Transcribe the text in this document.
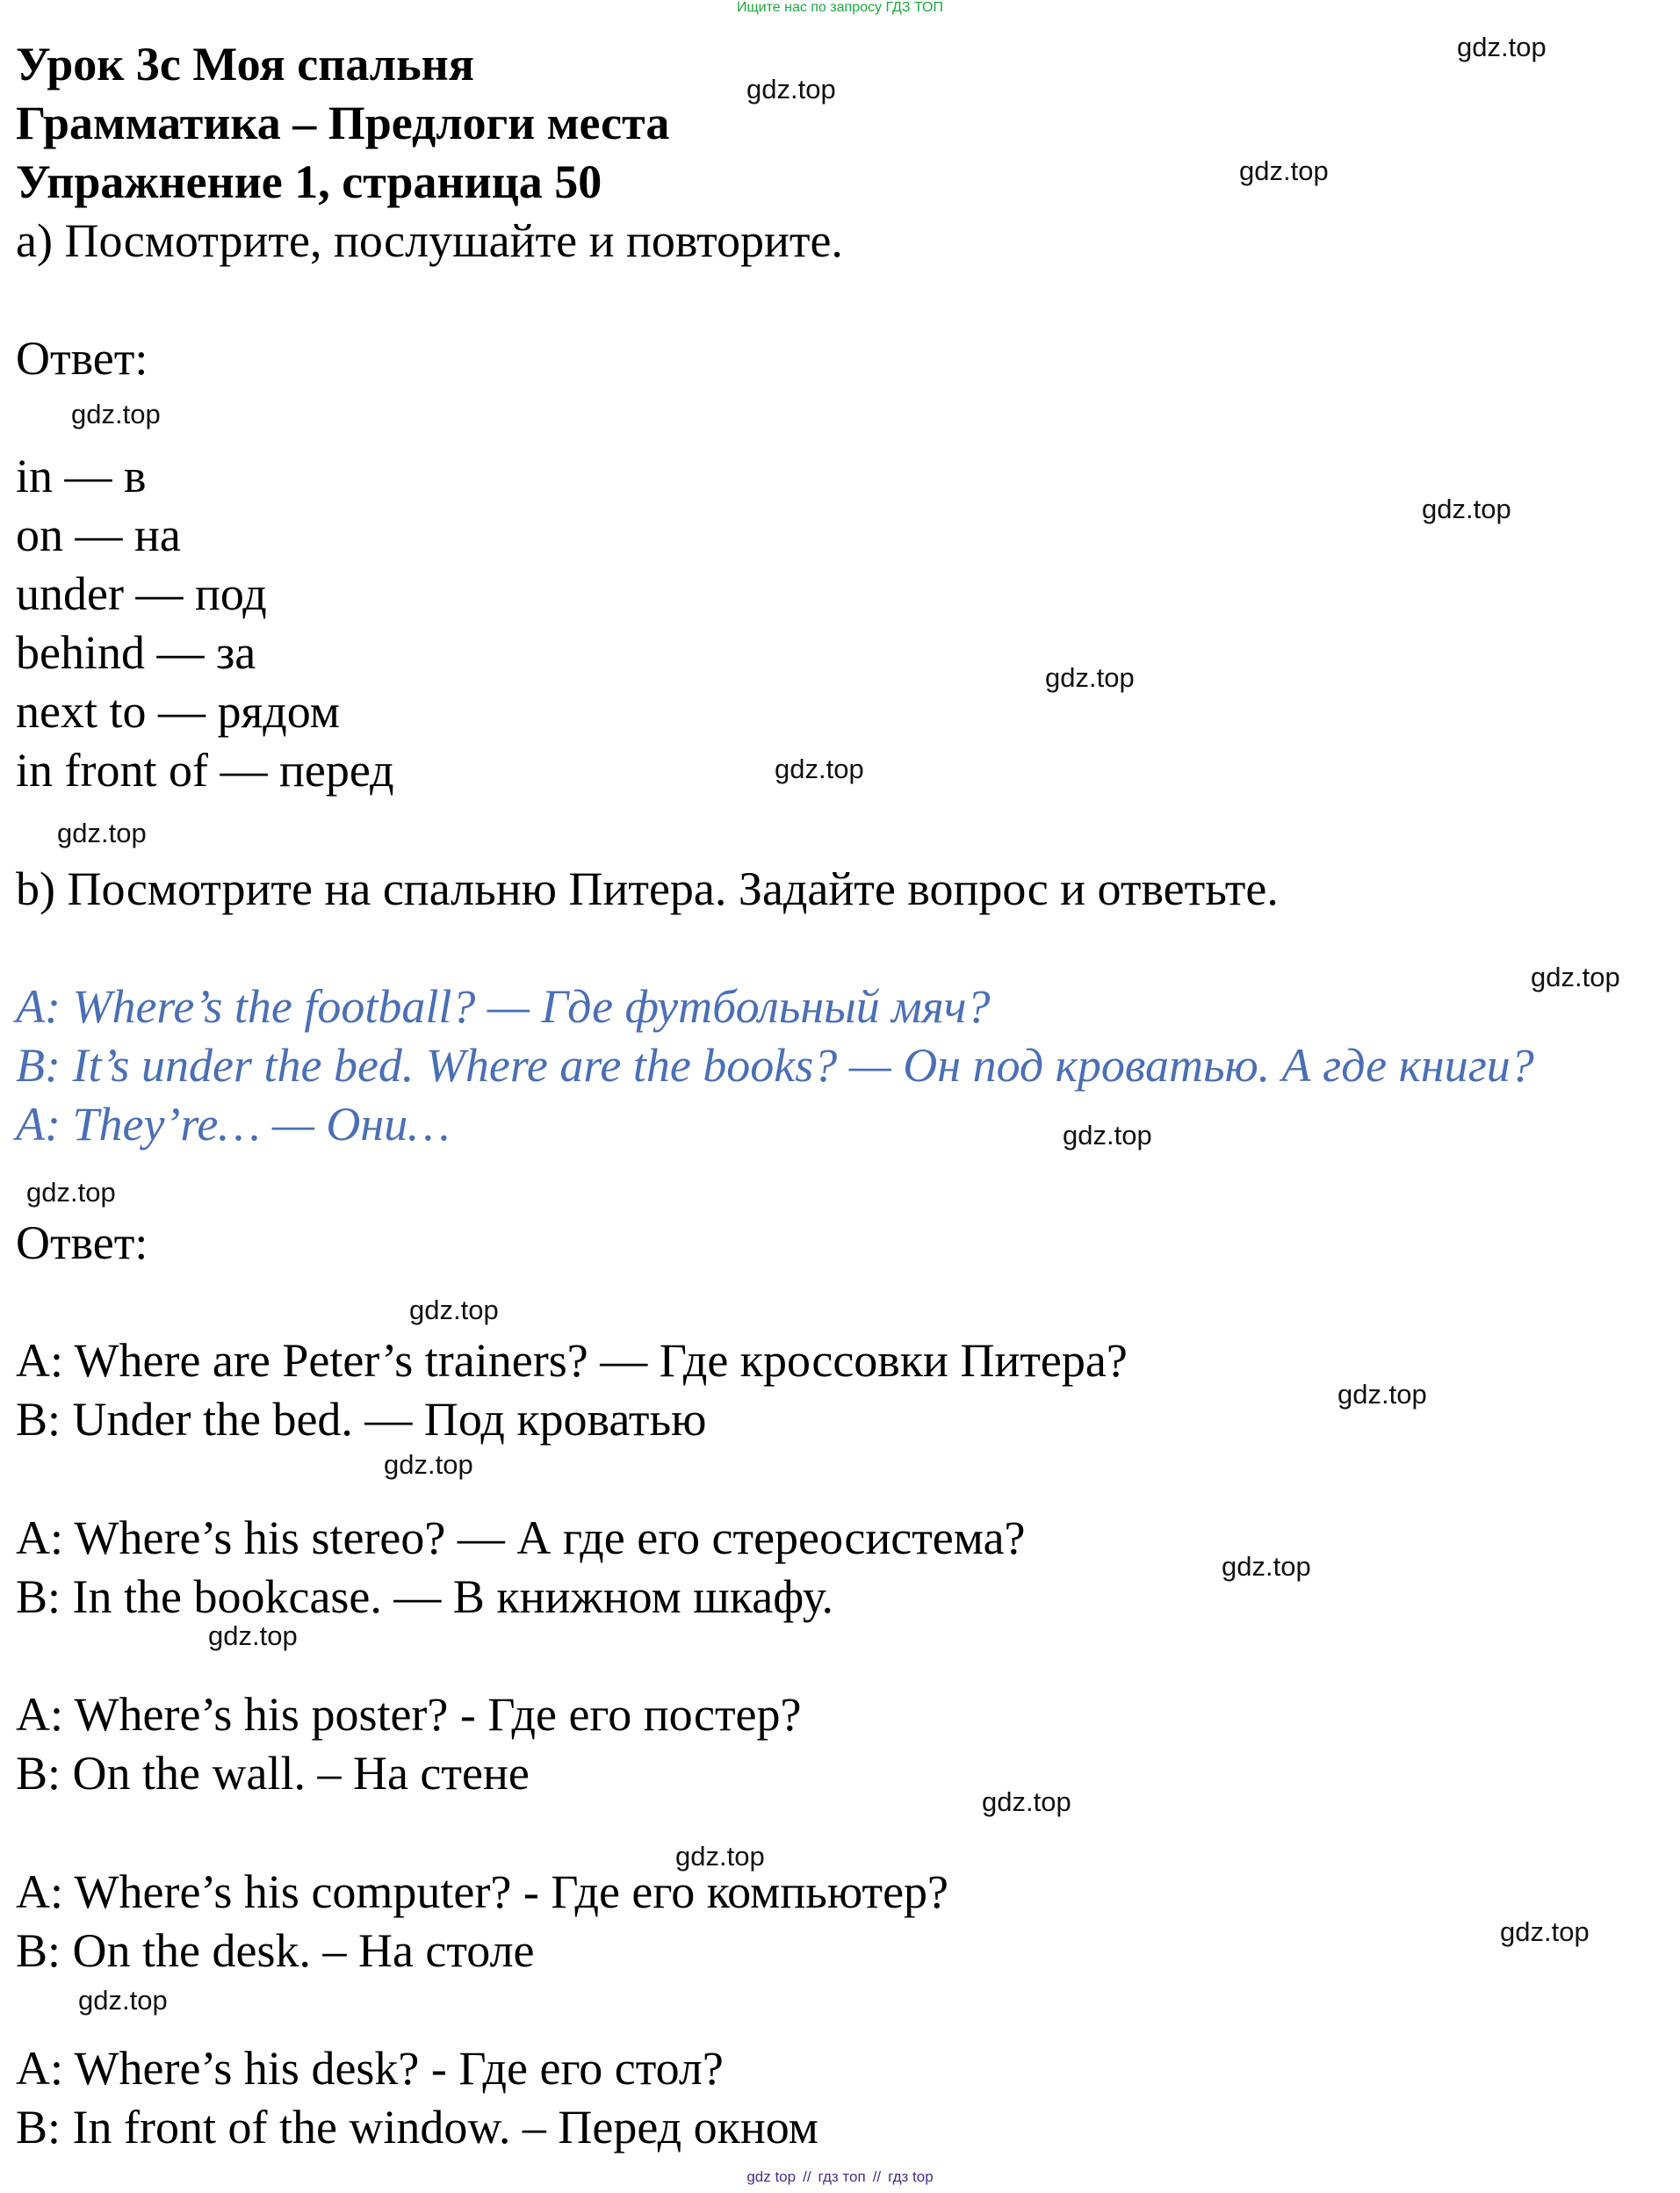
Ищите нас по запросу ГДЗ ТОП
Урок 3с Моя спальня
Грамматика – Предлоги места
Упражнение 1, страница 50
a) Посмотрите, послушайте и повторите.
Ответ:
in — в
on — на
under — под
behind — за
next to — рядом
in front of — перед
b) Посмотрите на спальню Питера. Задайте вопрос и ответьте.
A: Where’s the football? — Где футбольный мяч?
B: It’s under the bed. Where are the books? — Он под кроватью. А где книги?
A: They’re… — Они…
Ответ:
A: Where are Peter’s trainers? — Где кроссовки Питера?
B: Under the bed. — Под кроватью
A: Where’s his stereo? — А где его стереосистема?
B: In the bookcase. — В книжном шкафу.
A: Where’s his poster? - Где его постер?
B: On the wall. – На стене
A: Where’s his computer? - Где его компьютер?
B: On the desk. – На столе
A: Where’s his desk? - Где его стол?
B: In front of the window. – Перед окном
gdz.top
gdz.top
gdz.top
gdz.top
gdz.top
gdz.top
gdz.top
gdz.top
gdz.top
gdz.top
gdz.top
gdz.top
gdz.top
gdz.top
gdz.top
gdz.top
gdz.top
gdz.top
gdz.top
gdz.top
gdz top // гдз топ // гдз top
